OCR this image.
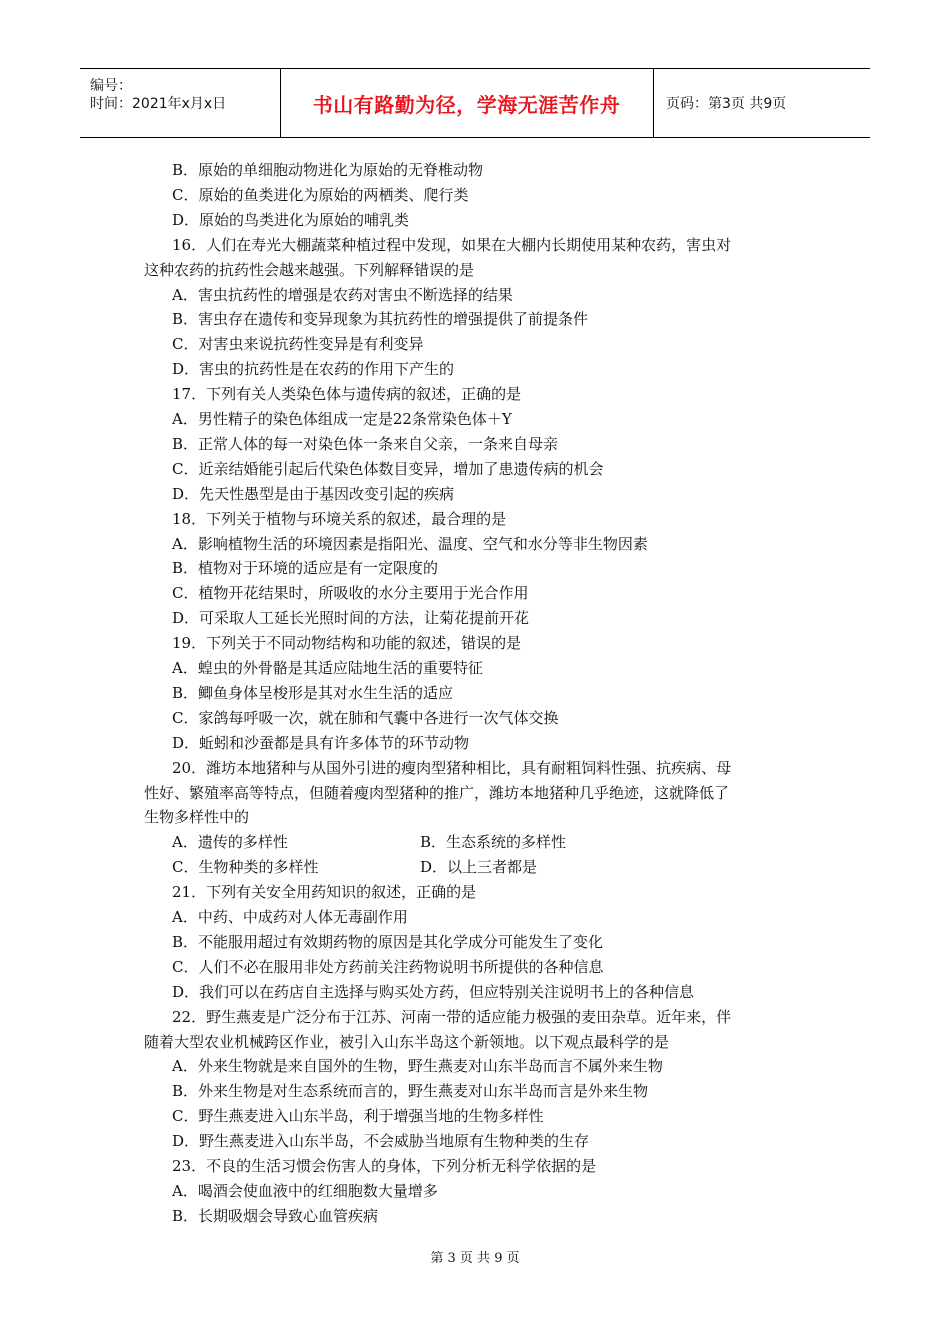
编号：
时间：2021年x月x日	书山有路勤为径，学海无涯苦作舟	页码：第3页 共9页
B．原始的单细胞动物进化为原始的无脊椎动物
C．原始的鱼类进化为原始的两栖类、爬行类
D．原始的鸟类进化为原始的哺乳类
16．人们在寿光大棚蔬菜种植过程中发现，如果在大棚内长期使用某种农药，害虫对
这种农药的抗药性会越来越强。下列解释错误的是
A．害虫抗药性的增强是农药对害虫不断选择的结果
B．害虫存在遗传和变异现象为其抗药性的增强提供了前提条件
C．对害虫来说抗药性变异是有利变异
D．害虫的抗药性是在农药的作用下产生的
17．下列有关人类染色体与遗传病的叙述，正确的是
A．男性精子的染色体组成一定是22条常染色体＋Y
B．正常人体的每一对染色体一条来自父亲，一条来自母亲
C．近亲结婚能引起后代染色体数目变异，增加了患遗传病的机会
D．先天性愚型是由于基因改变引起的疾病
18．下列关于植物与环境关系的叙述，最合理的是
A．影响植物生活的环境因素是指阳光、温度、空气和水分等非生物因素
B．植物对于环境的适应是有一定限度的
C．植物开花结果时，所吸收的水分主要用于光合作用
D．可采取人工延长光照时间的方法，让菊花提前开花
19．下列关于不同动物结构和功能的叙述，错误的是
A．蝗虫的外骨骼是其适应陆地生活的重要特征
B．鲫鱼身体呈梭形是其对水生生活的适应
C．家鸽每呼吸一次，就在肺和气囊中各进行一次气体交换
D．蚯蚓和沙蚕都是具有许多体节的环节动物
20．潍坊本地猪种与从国外引进的瘦肉型猪种相比，具有耐粗饲料性强、抗疾病、母
性好、繁殖率高等特点，但随着瘦肉型猪种的推广，潍坊本地猪种几乎绝迹，这就降低了
生物多样性中的
A．遗传的多样性	B．生态系统的多样性
C．生物种类的多样性	D．以上三者都是
21．下列有关安全用药知识的叙述，正确的是
A．中药、中成药对人体无毒副作用
B．不能服用超过有效期药物的原因是其化学成分可能发生了变化
C．人们不必在服用非处方药前关注药物说明书所提供的各种信息
D．我们可以在药店自主选择与购买处方药，但应特别关注说明书上的各种信息
22．野生燕麦是广泛分布于江苏、河南一带的适应能力极强的麦田杂草。近年来，伴
随着大型农业机械跨区作业，被引入山东半岛这个新领地。以下观点最科学的是
A．外来生物就是来自国外的生物，野生燕麦对山东半岛而言不属外来生物
B．外来生物是对生态系统而言的，野生燕麦对山东半岛而言是外来生物
C．野生燕麦进入山东半岛，利于增强当地的生物多样性
D．野生燕麦进入山东半岛，不会威胁当地原有生物种类的生存
23．不良的生活习惯会伤害人的身体，下列分析无科学依据的是
A．喝酒会使血液中的红细胞数大量增多
B．长期吸烟会导致心血管疾病
第 3 页 共 9 页
